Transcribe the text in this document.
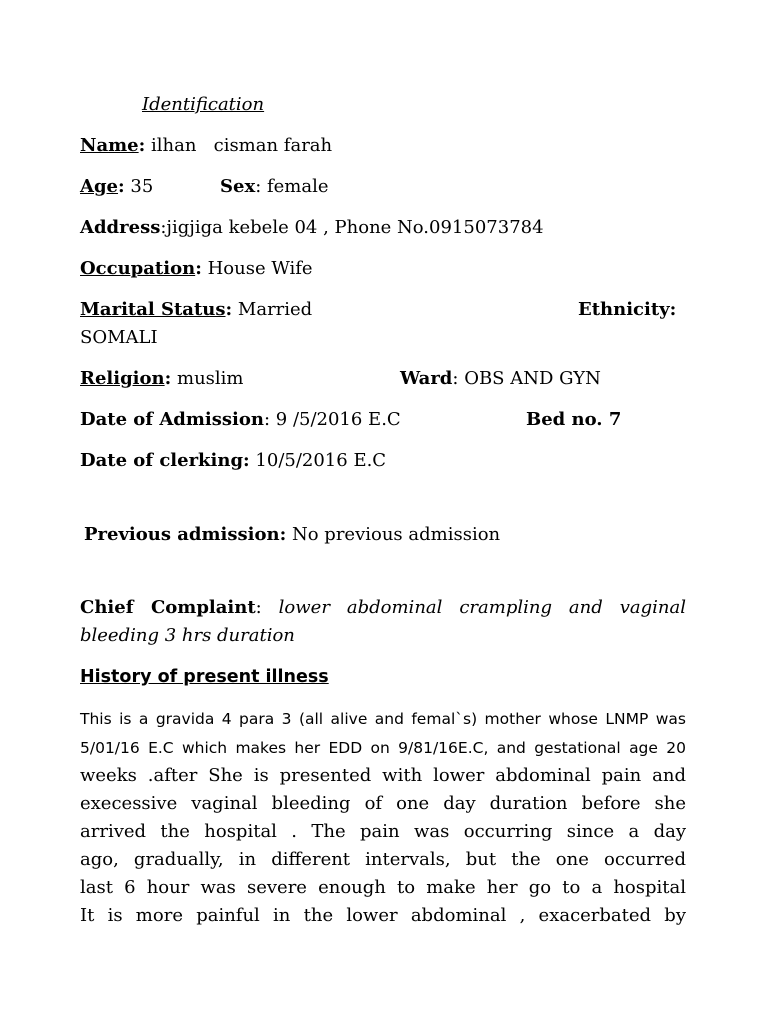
Identification
Name: ilhan   cisman farah
Age: 35	Sex: female
Address:jigjiga kebele 04 , Phone No.0915073784
Occupation: House Wife
Marital Status: Married	Ethnicity:
SOMALI
Religion: muslim	Ward: OBS AND GYN
Date of Admission: 9 /5/2016 E.C	Bed no. 7
Date of clerking: 10/5/2016 E.C
Previous admission: No previous admission
Chief Complaint: lower abdominal crampling and vaginal
bleeding 3 hrs duration
History of present illness
This is a gravida 4 para 3 (all alive and femal`s) mother whose LNMP was
5/01/16 E.C which makes her EDD on 9/81/16E.C, and gestational age 20
weeks .after She is presented with lower abdominal pain and
execessive vaginal bleeding of one day duration before she
arrived the hospital . The pain was occurring since a day
ago, gradually, in different intervals, but the one occurred
last 6 hour was severe enough to make her go to a hospital
It is more painful in the lower abdominal , exacerbated by
